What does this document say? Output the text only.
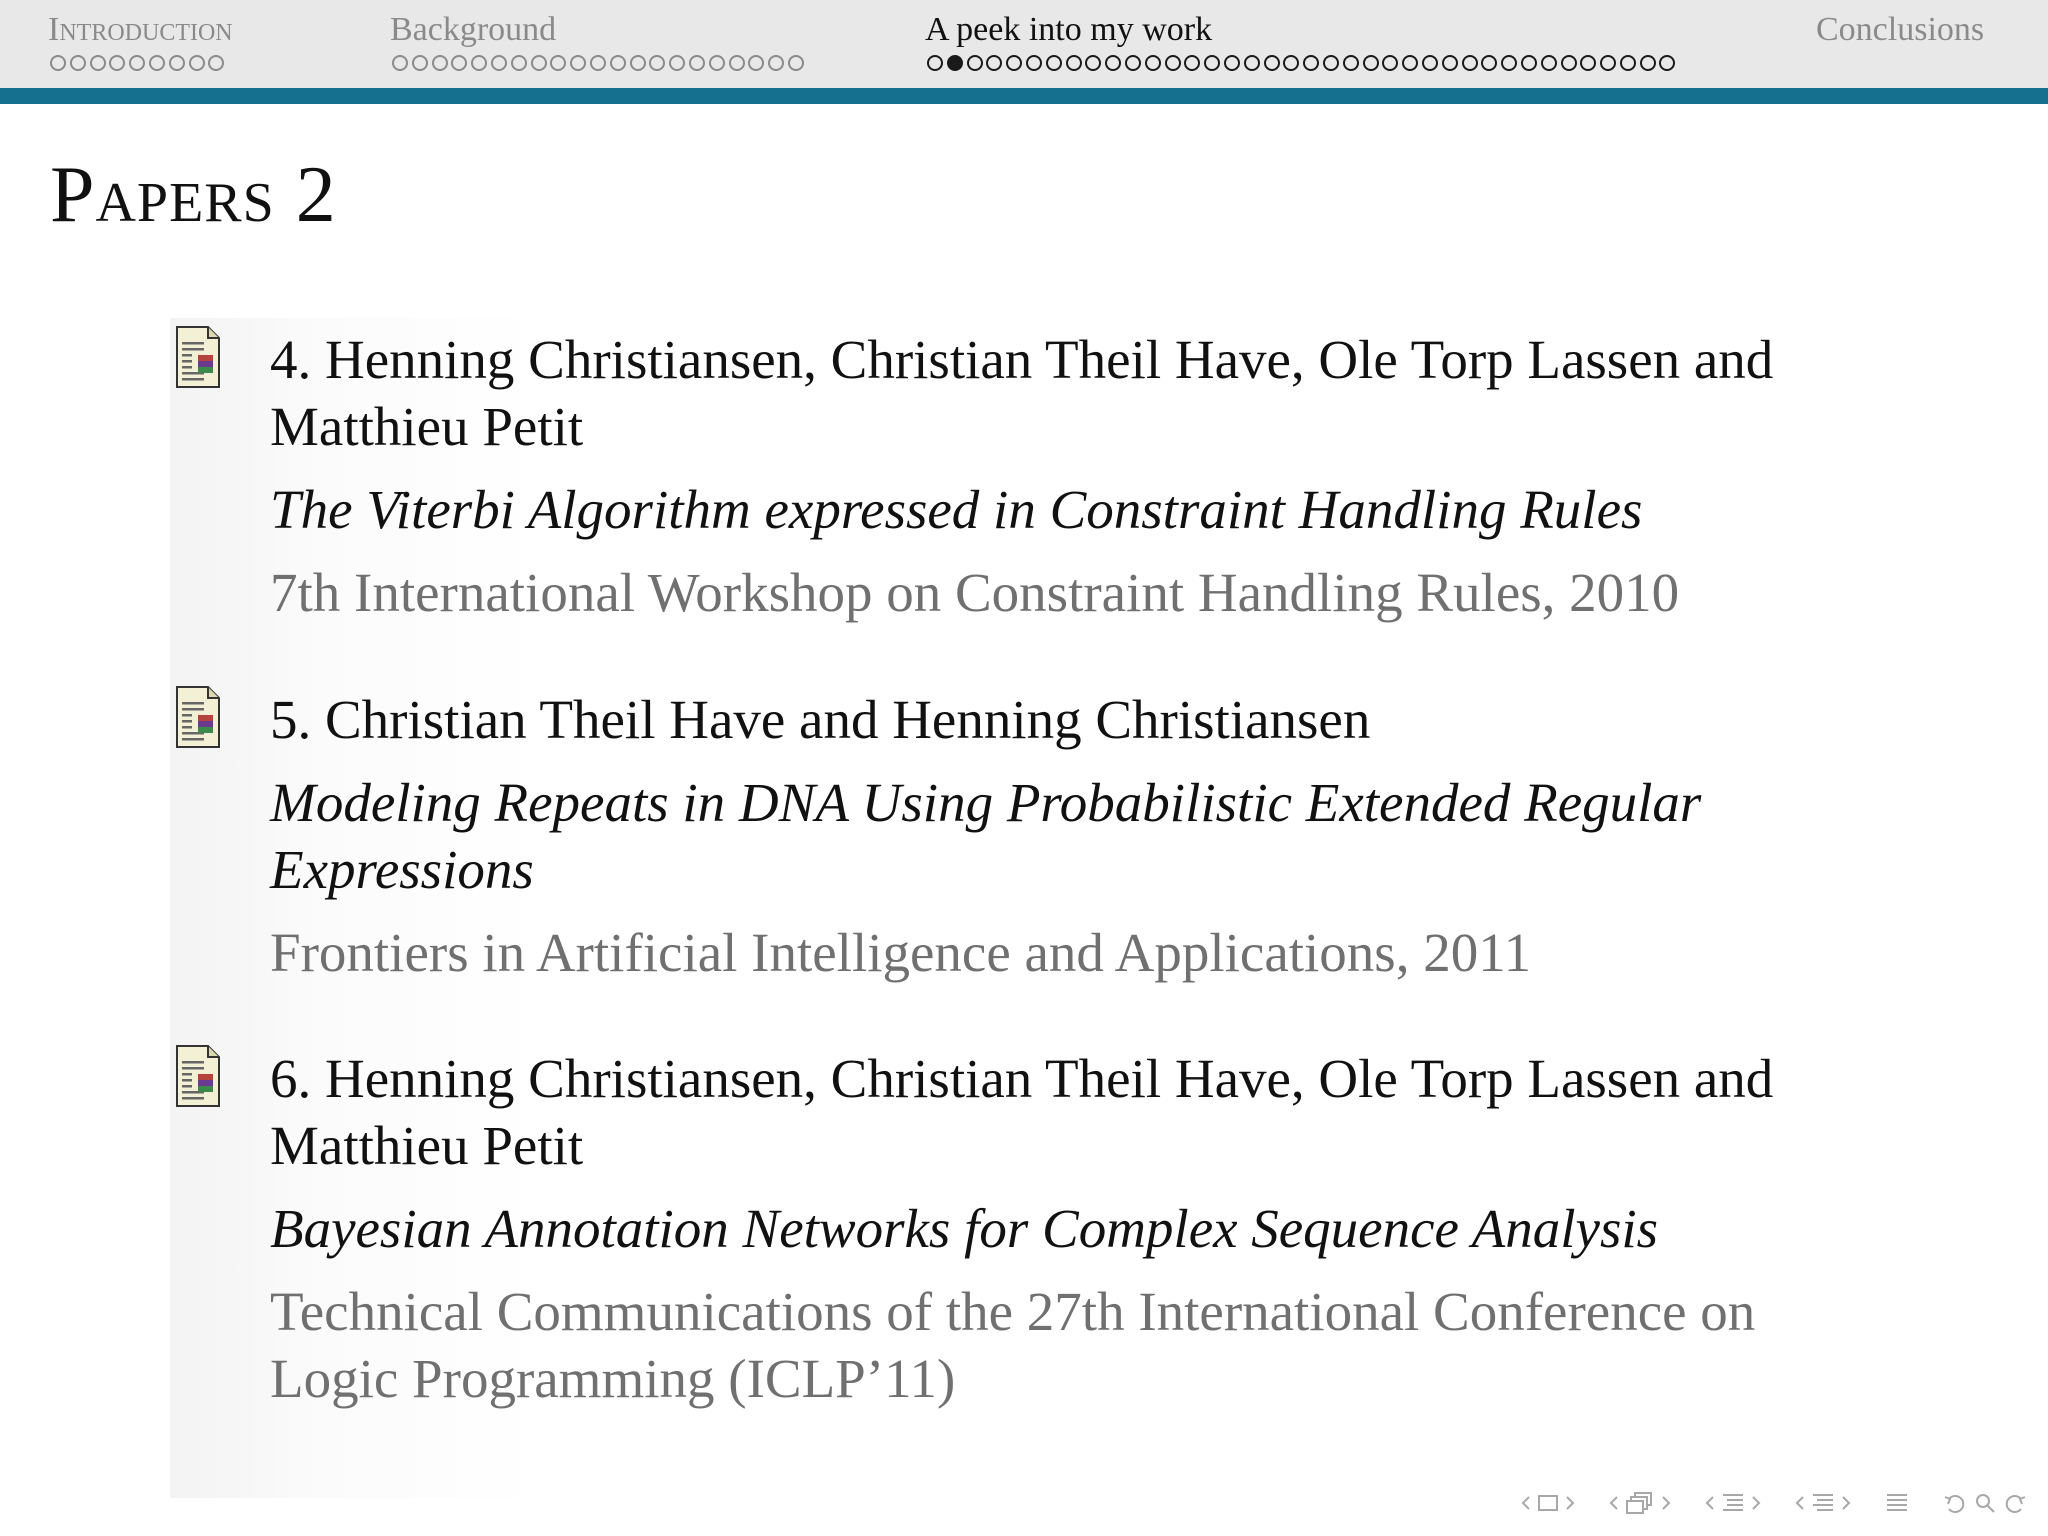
Introduction	Background	A peek into my work	Conclusions
Papers 2
4. Henning Christiansen, Christian Theil Have, Ole Torp Lassen and Matthieu Petit
The Viterbi Algorithm expressed in Constraint Handling Rules
7th International Workshop on Constraint Handling Rules, 2010
5. Christian Theil Have and Henning Christiansen
Modeling Repeats in DNA Using Probabilistic Extended Regular Expressions
Frontiers in Artificial Intelligence and Applications, 2011
6. Henning Christiansen, Christian Theil Have, Ole Torp Lassen and Matthieu Petit
Bayesian Annotation Networks for Complex Sequence Analysis
Technical Communications of the 27th International Conference on Logic Programming (ICLP’11)
